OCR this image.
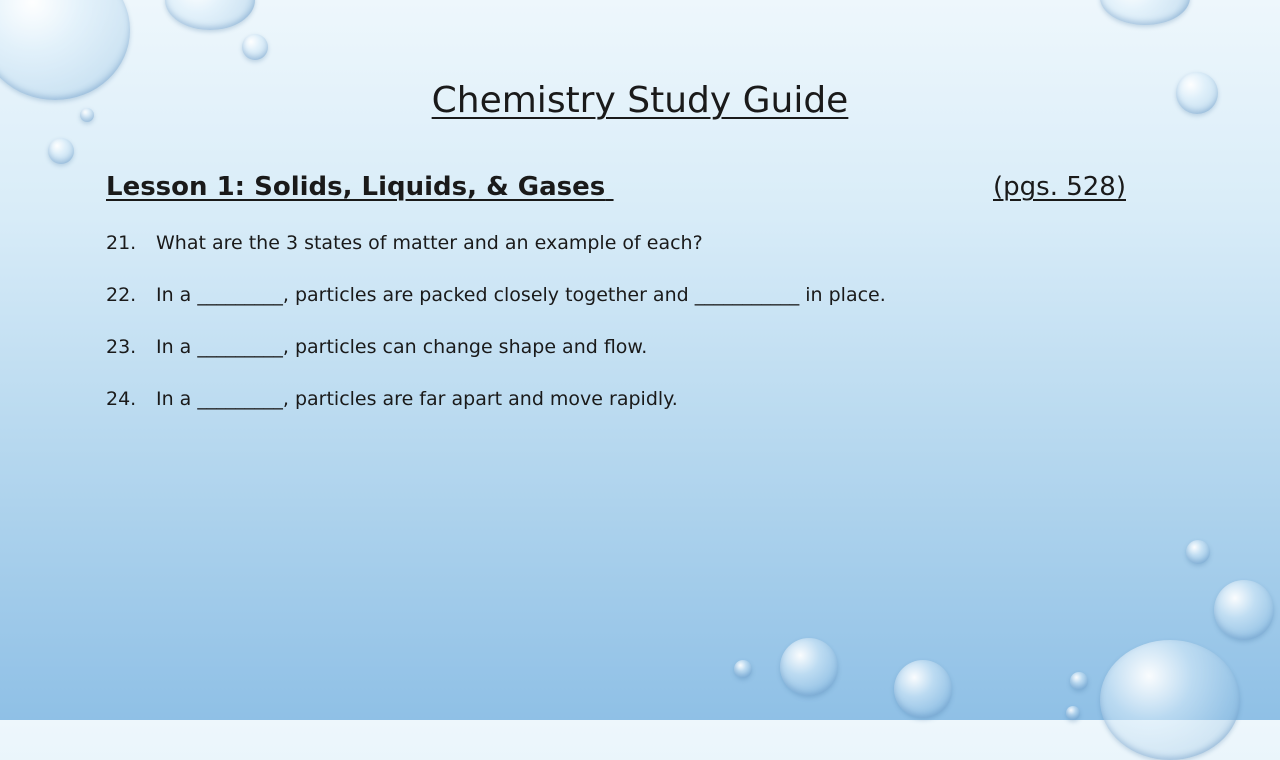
Chemistry Study Guide
Lesson 1: Solids, Liquids, & Gases
	(pgs. 528)
21.	What are the 3 states of matter and an example of each?
22.	In a _________, particles are packed closely together and ___________ in place.
23.	In a _________, particles can change shape and flow.
24.	In a _________, particles are far apart and move rapidly.
